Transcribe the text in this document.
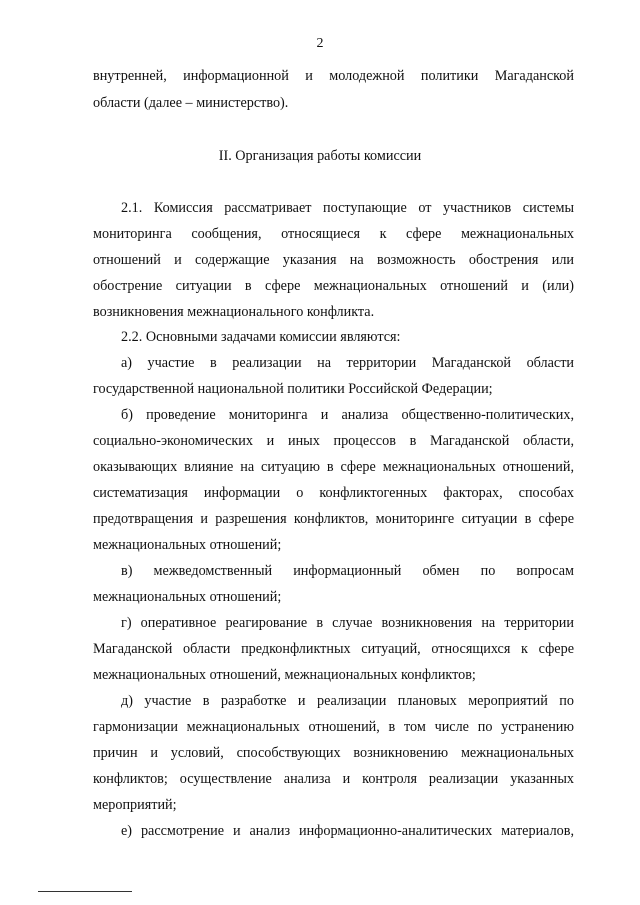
2
внутренней, информационной и молодежной политики Магаданской
области (далее – министерство).
II. Организация работы комиссии
2.1. Комиссия рассматривает поступающие от участников системы
мониторинга сообщения, относящиеся к сфере межнациональных
отношений и содержащие указания на возможность обострения или
обострение ситуации в сфере межнациональных отношений и (или)
возникновения межнационального конфликта.
2.2. Основными задачами комиссии являются:
а) участие в реализации на территории Магаданской области
государственной национальной политики Российской Федерации;
б) проведение мониторинга и анализа общественно-политических,
социально-экономических и иных процессов в Магаданской области,
оказывающих влияние на ситуацию в сфере межнациональных отношений,
систематизация информации о конфликтогенных факторах, способах
предотвращения и разрешения конфликтов, мониторинге ситуации в сфере
межнациональных отношений;
в) межведомственный информационный обмен по вопросам
межнациональных отношений;
г) оперативное реагирование в случае возникновения на территории
Магаданской области предконфликтных ситуаций, относящихся к сфере
межнациональных отношений, межнациональных конфликтов;
д) участие в разработке и реализации плановых мероприятий по
гармонизации межнациональных отношений, в том числе по устранению
причин и условий, способствующих возникновению межнациональных
конфликтов; осуществление анализа и контроля реализации указанных
мероприятий;
е) рассмотрение и анализ информационно-аналитических материалов,
